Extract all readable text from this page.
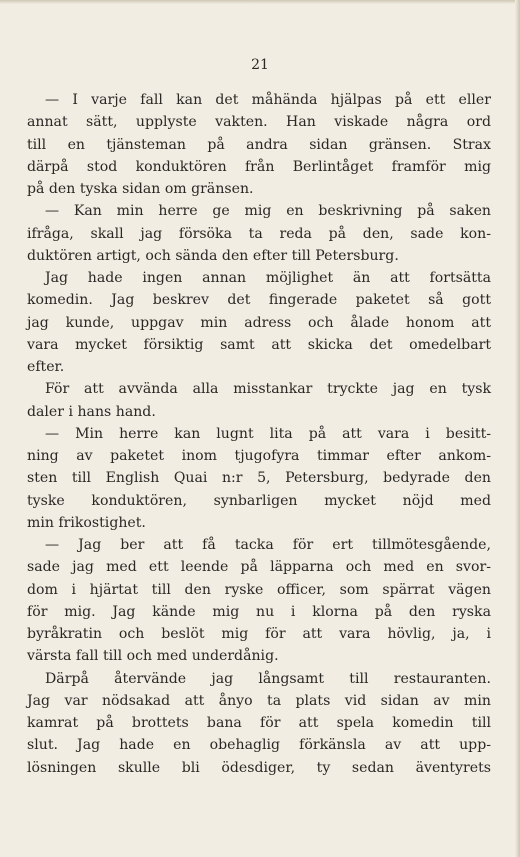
21
— I varje fall kan det måhända hjälpas på ett eller
annat sätt, upplyste vakten. Han viskade några ord
till en tjänsteman på andra sidan gränsen. Strax
därpå stod konduktören från Berlintåget framför mig
på den tyska sidan om gränsen.
— Kan min herre ge mig en beskrivning på saken
ifråga, skall jag försöka ta reda på den, sade kon-
duktören artigt, och sända den efter till Petersburg.
Jag hade ingen annan möjlighet än att fortsätta
komedin. Jag beskrev det fingerade paketet så gott
jag kunde, uppgav min adress och ålade honom att
vara mycket försiktig samt att skicka det omedelbart
efter.
För att avvända alla misstankar tryckte jag en tysk
daler i hans hand.
— Min herre kan lugnt lita på att vara i besitt-
ning av paketet inom tjugofyra timmar efter ankom-
sten till English Quai n:r 5, Petersburg, bedyrade den
tyske konduktören, synbarligen mycket nöjd med
min frikostighet.
— Jag ber att få tacka för ert tillmötesgående,
sade jag med ett leende på läpparna och med en svor-
dom i hjärtat till den ryske officer, som spärrat vägen
för mig. Jag kände mig nu i klorna på den ryska
byråkratin och beslöt mig för att vara hövlig, ja, i
värsta fall till och med underdånig.
Därpå återvände jag långsamt till restauranten.
Jag var nödsakad att ånyo ta plats vid sidan av min
kamrat på brottets bana för att spela komedin till
slut. Jag hade en obehaglig förkänsla av att upp-
lösningen skulle bli ödesdiger, ty sedan äventyrets
